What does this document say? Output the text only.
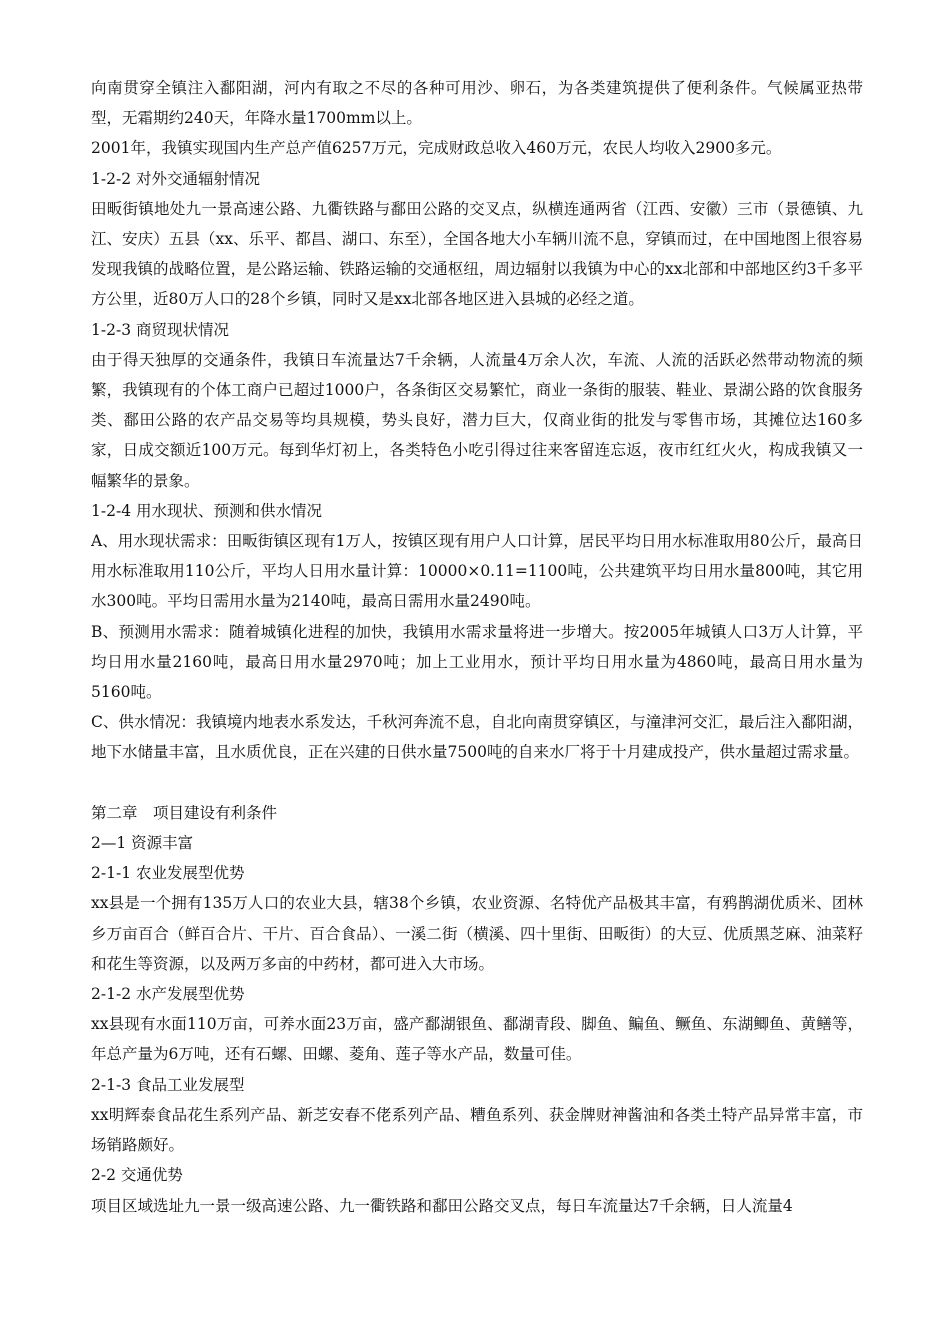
向南贯穿全镇注入鄱阳湖，河内有取之不尽的各种可用沙、卵石，为各类建筑提供了便利条件。气候属亚热带型，无霜期约240天，年降水量1700mm以上。

2001年，我镇实现国内生产总产值6257万元，完成财政总收入460万元，农民人均收入2900多元。

1-2-2 对外交通辐射情况

田畈街镇地处九一景高速公路、九衢铁路与鄱田公路的交叉点，纵横连通两省（江西、安徽）三市（景德镇、九江、安庆）五县（xx、乐平、都昌、湖口、东至），全国各地大小车辆川流不息，穿镇而过，在中国地图上很容易发现我镇的战略位置，是公路运输、铁路运输的交通枢纽，周边辐射以我镇为中心的xx北部和中部地区约3千多平方公里，近80万人口的28个乡镇，同时又是xx北部各地区进入县城的必经之道。

1-2-3 商贸现状情况

由于得天独厚的交通条件，我镇日车流量达7千余辆，人流量4万余人次，车流、人流的活跃必然带动物流的频繁，我镇现有的个体工商户已超过1000户，各条街区交易繁忙，商业一条街的服装、鞋业、景湖公路的饮食服务类、鄱田公路的农产品交易等均具规模，势头良好，潜力巨大，仅商业街的批发与零售市场，其摊位达160多家，日成交额近100万元。每到华灯初上，各类特色小吃引得过往来客留连忘返，夜市红红火火，构成我镇又一幅繁华的景象。

1-2-4 用水现状、预测和供水情况

A、用水现状需求：田畈街镇区现有1万人，按镇区现有用户人口计算，居民平均日用水标准取用80公斤，最高日用水标准取用110公斤，平均人日用水量计算：10000×0.11=1100吨，公共建筑平均日用水量800吨，其它用水300吨。平均日需用水量为2140吨，最高日需用水量2490吨。

B、预测用水需求：随着城镇化进程的加快，我镇用水需求量将进一步增大。按2005年城镇人口3万人计算，平均日用水量2160吨，最高日用水量2970吨；加上工业用水，预计平均日用水量为4860吨，最高日用水量为5160吨。

C、供水情况：我镇境内地表水系发达，千秋河奔流不息，自北向南贯穿镇区，与潼津河交汇，最后注入鄱阳湖，地下水储量丰富，且水质优良，正在兴建的日供水量7500吨的自来水厂将于十月建成投产，供水量超过需求量。

第二章　项目建设有利条件

2—1 资源丰富

2-1-1 农业发展型优势

xx县是一个拥有135万人口的农业大县，辖38个乡镇，农业资源、名特优产品极其丰富，有鸦鹊湖优质米、团林乡万亩百合（鲜百合片、干片、百合食品）、一溪二街（横溪、四十里街、田畈街）的大豆、优质黑芝麻、油菜籽和花生等资源，以及两万多亩的中药材，都可进入大市场。

2-1-2 水产发展型优势

xx县现有水面110万亩，可养水面23万亩，盛产鄱湖银鱼、鄱湖青段、脚鱼、鳊鱼、鳜鱼、东湖鲫鱼、黄鳝等，年总产量为6万吨，还有石螺、田螺、菱角、莲子等水产品，数量可佳。

2-1-3 食品工业发展型

xx明辉泰食品花生系列产品、新芝安春不佬系列产品、糟鱼系列、获金牌财神酱油和各类土特产品异常丰富，市场销路颇好。

2-2 交通优势

项目区域选址九一景一级高速公路、九一衢铁路和鄱田公路交叉点，每日车流量达7千余辆，日人流量4
